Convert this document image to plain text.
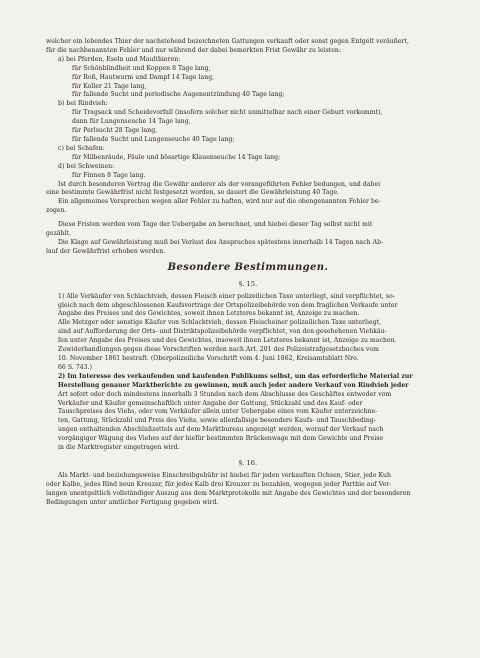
welcher ein lebendes Thier der nachstehend bezeichneten Gattungen verkauft oder sonst gegen Entgelt veräußert,
für die nachbenannten Fehler und nur während der dabei bemerkten Frist Gewähr zu leisten:
a) bei Pferden, Eseln und Maulthieren:
für Schönblindheit und Koppen 8 Tage lang,
für Roß, Hautwurm und Dampf 14 Tage lang,
für Koller 21 Tage lang,
für fallende Sucht und periodische Augenentzündung 40 Tage lang;
b) bei Rindvieh:
für Tragsack und Scheidevorfall (insofern solcher nicht unmittelbar nach einer Geburt vorkommt),
dann für Lungenseuche 14 Tage lang,
für Perlsucht 28 Tage lang,
für fallende Sucht und Lungenseuche 40 Tage lang;
c) bei Schafen:
für Milbenräude, Fäule und bösartige Klauenseuche 14 Tage lang;
d) bei Schweinen:
für Finnen 8 Tage lang.
Ist durch besonderen Vertrag die Gewähr anderer als der vorangeführten Fehler bedungen, und dabei
eine bestimmte Gewährfrist nicht festgesetzt worden, so dauert die Gewährleistung 40 Tage.
Ein allgemeines Versprechen wegen aller Fehler zu haften, wird nur auf die obengenannten Fehler be-
zogen.
Diese Fristen werden vom Tage der Uebergabe an berechnet, und hiebei dieser Tag selbst nicht mit
gezählt.
Die Klage auf Gewährleistung muß bei Verlust des Anspruches spätestens innerhalb 14 Tagen nach Ab-
lauf der Gewährfrist erhoben werden.
Besondere Bestimmungen.
§. 15.
1) Alle Verkäufer von Schlachtvieh, dessen Fleisch einer polizeilichen Taxe unterliegt, sind verpflichtet, so-
gleich nach dem abgeschlossenen Kaufsvertrage der Ortspolizeibehörde von dem fraglichen Verkaufe unter
Angabe des Preises und des Gewichtes, soweit ihnen Letzteres bekannt ist, Anzeige zu machen.
Alle Metzger oder sonstige Käufer von Schlachtvieh, dessen Fleischeiner polizeilichen Taxe unterliegt,
sind auf Aufforderung der Orts- und Distriktspolizeibehörde verpflichtet, von den gesehehenen Viehkäu-
fen unter Angabe des Preises und des Gewichtes, insoweit ihnen Letzteres bekannt ist, Anzeige zu machen.
Zuwiderhandlungen gegen diese Vorschriften werden nach Art. 201 des Polizeistrafgesetzbuches vom
10. November 1861 bestraft. (Oberpolizeiliche Vorschrift vom 4. Juni 1862, Kreisamtsblatt Nro.
66 S. 743.)
2) Im Interesse des verkaufenden und kaufenden Publikums selbst, um das erforderliche Material zur
Herstellung genauer Marktberichte zu gewinnen, muß auch jeder andere Verkauf von Rindvieh jeder
Art sofort oder doch mindestens innerhalb 3 Stunden nach dem Abschlusse des Geschäftes entweder vom
Verkäufer und Käufer gemeinschaftlich unter Angabe der Gattung, Stückzahl und des Kauf- oder
Tauschpreises des Viehs, oder vom Verkäufer allein unter Uebergabe eines vom Käufer unterzeichne-
ten, Gattung, Stückzahl und Preis des Viehs, sowie allenfallsige besondere Kaufs- und Tauschbeding-
ungen enthaltenden Abschlußzettels auf dem Marktbureau angezeigt werden, worauf der Verkauf nach
vorgängiger Wägung des Viehes auf der hiefür bestimmten Brückenwage mit dem Gewichte und Preise
in die Marktregister eingetragen wird.
§. 16.
Als Markt- und beziehungsweise Einschreibgebühr ist hiebei für jeden verkauften Ochsen, Stier, jede Kuh
oder Kalbe, jedes Rind neun Kreuzer, für jedes Kalb drei Kreuzer zu bezahlen, wogegen jeder Parthie auf Ver-
langen unentgeltlich vollständiger Auszug aus dem Marktprotokolle mit Angabe des Gewichtes und der besonderen
Bedingungen unter amtlicher Fertigung gegeben wird.
